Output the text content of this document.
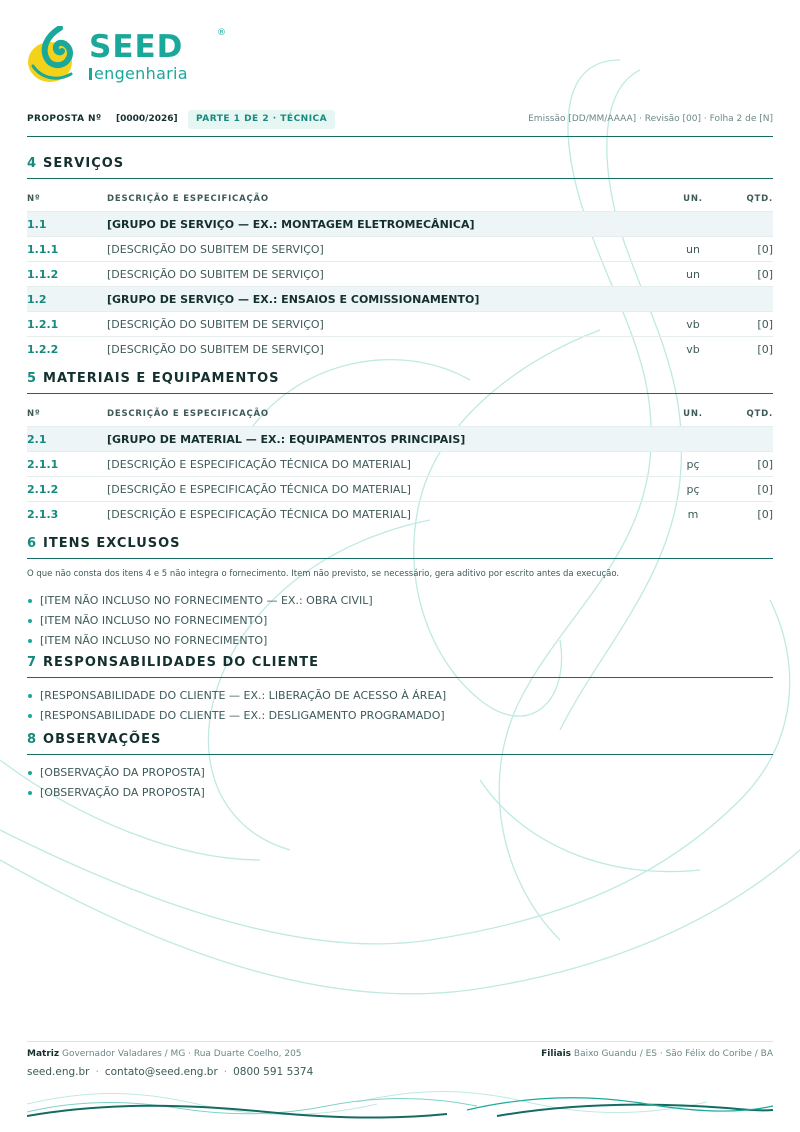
SEED	®
engenharia
PROPOSTA Nº [0000/2026]	PARTE 1 DE 2 · TÉCNICA	Emissão [DD/MM/AAAA] · Revisão [00] · Folha 2 de [N]
4 SERVIÇOS
Nº	DESCRIÇÃO E ESPECIFICAÇÃO	UN.	QTD.
1.1	[GRUPO DE SERVIÇO — EX.: MONTAGEM ELETROMECÂNICA]
1.1.1	[DESCRIÇÃO DO SUBITEM DE SERVIÇO]	un	[0]
1.1.2	[DESCRIÇÃO DO SUBITEM DE SERVIÇO]	un	[0]
1.2	[GRUPO DE SERVIÇO — EX.: ENSAIOS E COMISSIONAMENTO]
1.2.1	[DESCRIÇÃO DO SUBITEM DE SERVIÇO]	vb	[0]
1.2.2	[DESCRIÇÃO DO SUBITEM DE SERVIÇO]	vb	[0]
5 MATERIAIS E EQUIPAMENTOS
Nº	DESCRIÇÃO E ESPECIFICAÇÃO	UN.	QTD.
2.1	[GRUPO DE MATERIAL — EX.: EQUIPAMENTOS PRINCIPAIS]
2.1.1	[DESCRIÇÃO E ESPECIFICAÇÃO TÉCNICA DO MATERIAL]	pç	[0]
2.1.2	[DESCRIÇÃO E ESPECIFICAÇÃO TÉCNICA DO MATERIAL]	pç	[0]
2.1.3	[DESCRIÇÃO E ESPECIFICAÇÃO TÉCNICA DO MATERIAL]	m	[0]
6 ITENS EXCLUSOS
O que não consta dos itens 4 e 5 não integra o fornecimento. Item não previsto, se necessário, gera aditivo por escrito antes da execução.
[ITEM NÃO INCLUSO NO FORNECIMENTO — EX.: OBRA CIVIL]
[ITEM NÃO INCLUSO NO FORNECIMENTO]
[ITEM NÃO INCLUSO NO FORNECIMENTO]
7 RESPONSABILIDADES DO CLIENTE
[RESPONSABILIDADE DO CLIENTE — EX.: LIBERAÇÃO DE ACESSO À ÁREA]
[RESPONSABILIDADE DO CLIENTE — EX.: DESLIGAMENTO PROGRAMADO]
8 OBSERVAÇÕES
[OBSERVAÇÃO DA PROPOSTA]
[OBSERVAÇÃO DA PROPOSTA]
Matriz Governador Valadares / MG · Rua Duarte Coelho, 205	Filiais Baixo Guandu / ES · São Félix do Coribe / BA
seed.eng.br · contato@seed.eng.br · 0800 591 5374
